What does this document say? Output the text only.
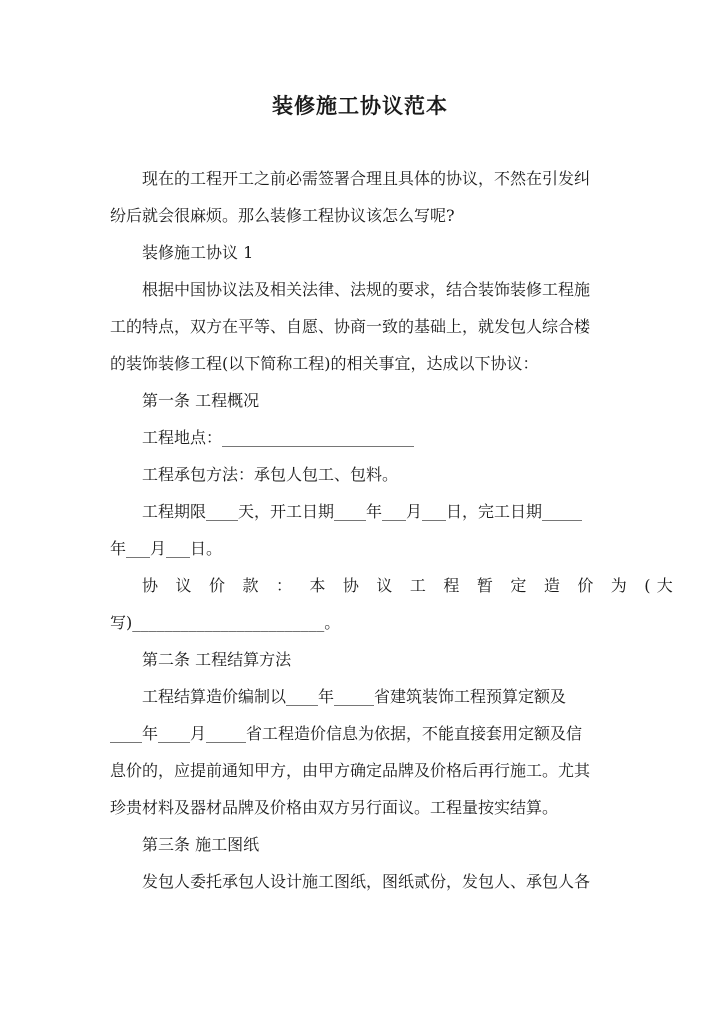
装修施工协议范本
现在的工程开工之前必需签署合理且具体的协议，不然在引发纠
纷后就会很麻烦。那么装修工程协议该怎么写呢?
装修施工协议 1
根据中国协议法及相关法律、法规的要求，结合装饰装修工程施
工的特点，双方在平等、自愿、协商一致的基础上，就发包人综合楼
的装饰装修工程(以下简称工程)的相关事宜，达成以下协议：
第一条 工程概况
工程地点：________________________
工程承包方法：承包人包工、包料。
工程期限____天，开工日期____年___月___日，完工日期_____
年___月___日。
协 议 价 款 ： 本 协 议 工 程 暂 定 造 价 为 (大
写)________________________。
第二条 工程结算方法
工程结算造价编制以____年_____省建筑装饰工程预算定额及
____年____月_____省工程造价信息为依据，不能直接套用定额及信
息价的，应提前通知甲方，由甲方确定品牌及价格后再行施工。尤其
珍贵材料及器材品牌及价格由双方另行面议。工程量按实结算。
第三条 施工图纸
发包人委托承包人设计施工图纸，图纸贰份，发包人、承包人各
